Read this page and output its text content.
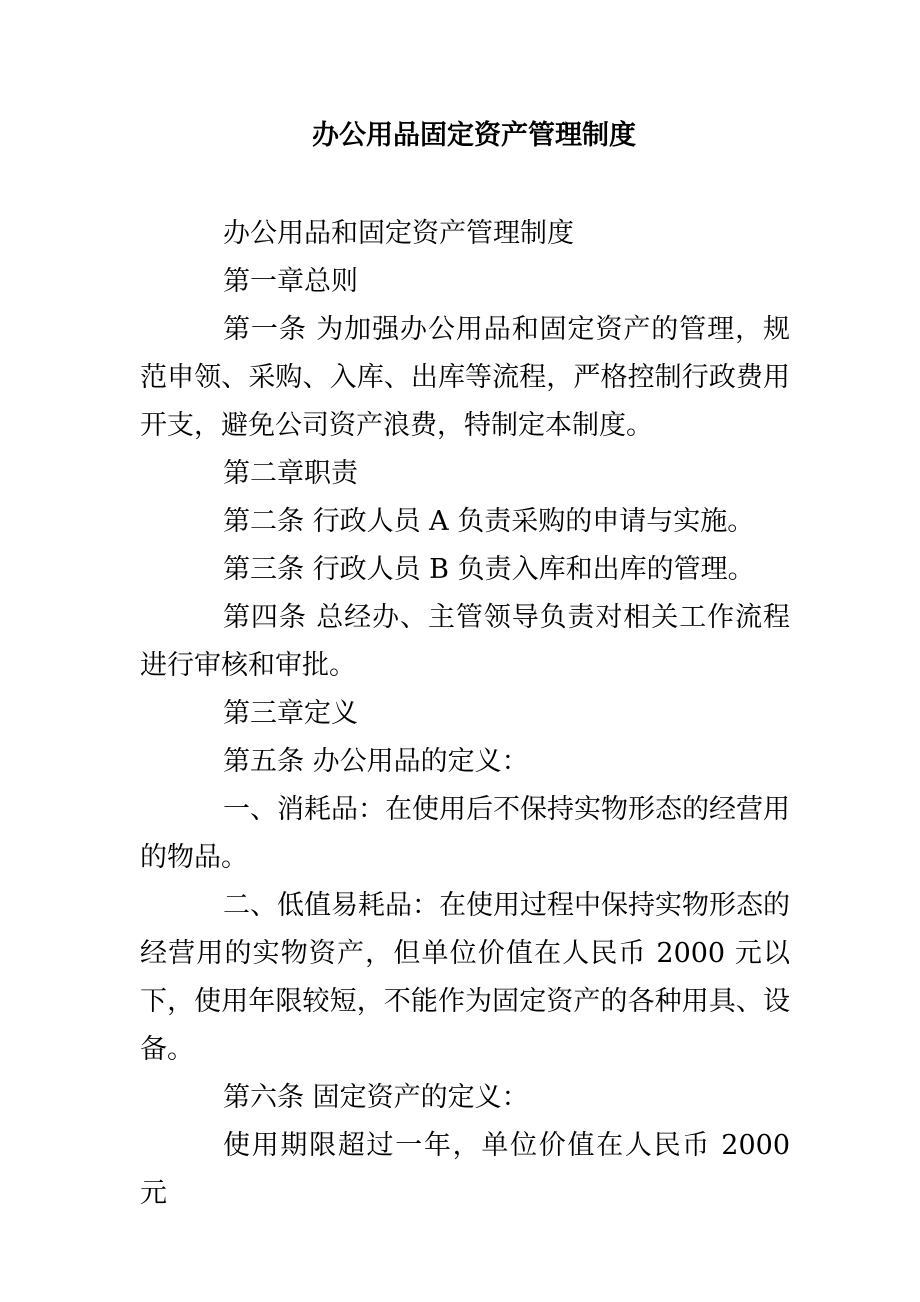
办公用品固定资产管理制度

办公用品和固定资产管理制度

第一章总则

第一条 为加强办公用品和固定资产的管理，规范申领、采购、入库、出库等流程，严格控制行政费用开支，避免公司资产浪费，特制定本制度。

第二章职责

第二条 行政人员 A 负责采购的申请与实施。

第三条 行政人员 B 负责入库和出库的管理。

第四条 总经办、主管领导负责对相关工作流程进行审核和审批。

第三章定义

第五条 办公用品的定义：

一、消耗品：在使用后不保持实物形态的经营用的物品。

二、低值易耗品：在使用过程中保持实物形态的经营用的实物资产，但单位价值在人民币 2000 元以下，使用年限较短，不能作为固定资产的各种用具、设备。

第六条 固定资产的定义：

使用期限超过一年，单位价值在人民币 2000 元
